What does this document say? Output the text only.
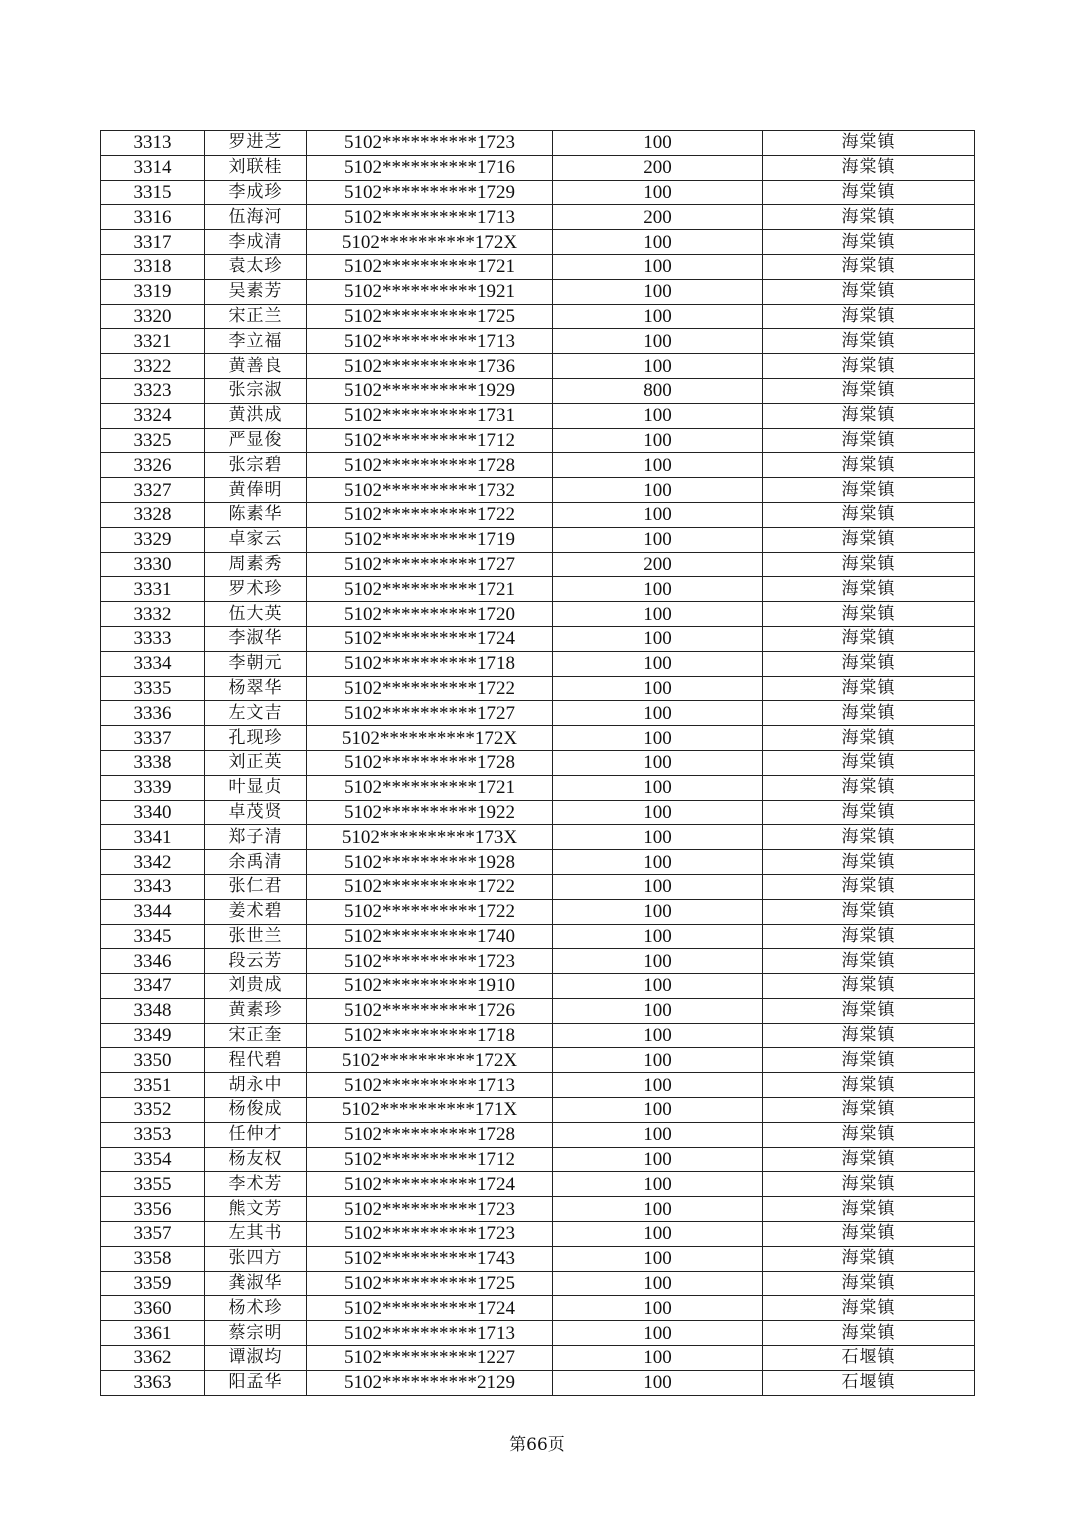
3313	罗进芝	5102**********1723	100	海棠镇
3314	刘联桂	5102**********1716	200	海棠镇
3315	李成珍	5102**********1729	100	海棠镇
3316	伍海河	5102**********1713	200	海棠镇
3317	李成清	5102**********172X	100	海棠镇
3318	袁太珍	5102**********1721	100	海棠镇
3319	吴素芳	5102**********1921	100	海棠镇
3320	宋正兰	5102**********1725	100	海棠镇
3321	李立福	5102**********1713	100	海棠镇
3322	黄善良	5102**********1736	100	海棠镇
3323	张宗淑	5102**********1929	800	海棠镇
3324	黄洪成	5102**********1731	100	海棠镇
3325	严显俊	5102**********1712	100	海棠镇
3326	张宗碧	5102**********1728	100	海棠镇
3327	黄俸明	5102**********1732	100	海棠镇
3328	陈素华	5102**********1722	100	海棠镇
3329	卓家云	5102**********1719	100	海棠镇
3330	周素秀	5102**********1727	200	海棠镇
3331	罗术珍	5102**********1721	100	海棠镇
3332	伍大英	5102**********1720	100	海棠镇
3333	李淑华	5102**********1724	100	海棠镇
3334	李朝元	5102**********1718	100	海棠镇
3335	杨翠华	5102**********1722	100	海棠镇
3336	左文吉	5102**********1727	100	海棠镇
3337	孔现珍	5102**********172X	100	海棠镇
3338	刘正英	5102**********1728	100	海棠镇
3339	叶显贞	5102**********1721	100	海棠镇
3340	卓茂贤	5102**********1922	100	海棠镇
3341	郑子清	5102**********173X	100	海棠镇
3342	余禹清	5102**********1928	100	海棠镇
3343	张仁君	5102**********1722	100	海棠镇
3344	姜术碧	5102**********1722	100	海棠镇
3345	张世兰	5102**********1740	100	海棠镇
3346	段云芳	5102**********1723	100	海棠镇
3347	刘贵成	5102**********1910	100	海棠镇
3348	黄素珍	5102**********1726	100	海棠镇
3349	宋正奎	5102**********1718	100	海棠镇
3350	程代碧	5102**********172X	100	海棠镇
3351	胡永中	5102**********1713	100	海棠镇
3352	杨俊成	5102**********171X	100	海棠镇
3353	任仲才	5102**********1728	100	海棠镇
3354	杨友权	5102**********1712	100	海棠镇
3355	李术芳	5102**********1724	100	海棠镇
3356	熊文芳	5102**********1723	100	海棠镇
3357	左其书	5102**********1723	100	海棠镇
3358	张四方	5102**********1743	100	海棠镇
3359	龚淑华	5102**********1725	100	海棠镇
3360	杨术珍	5102**********1724	100	海棠镇
3361	蔡宗明	5102**********1713	100	海棠镇
3362	谭淑均	5102**********1227	100	石堰镇
3363	阳孟华	5102**********2129	100	石堰镇
第66页
